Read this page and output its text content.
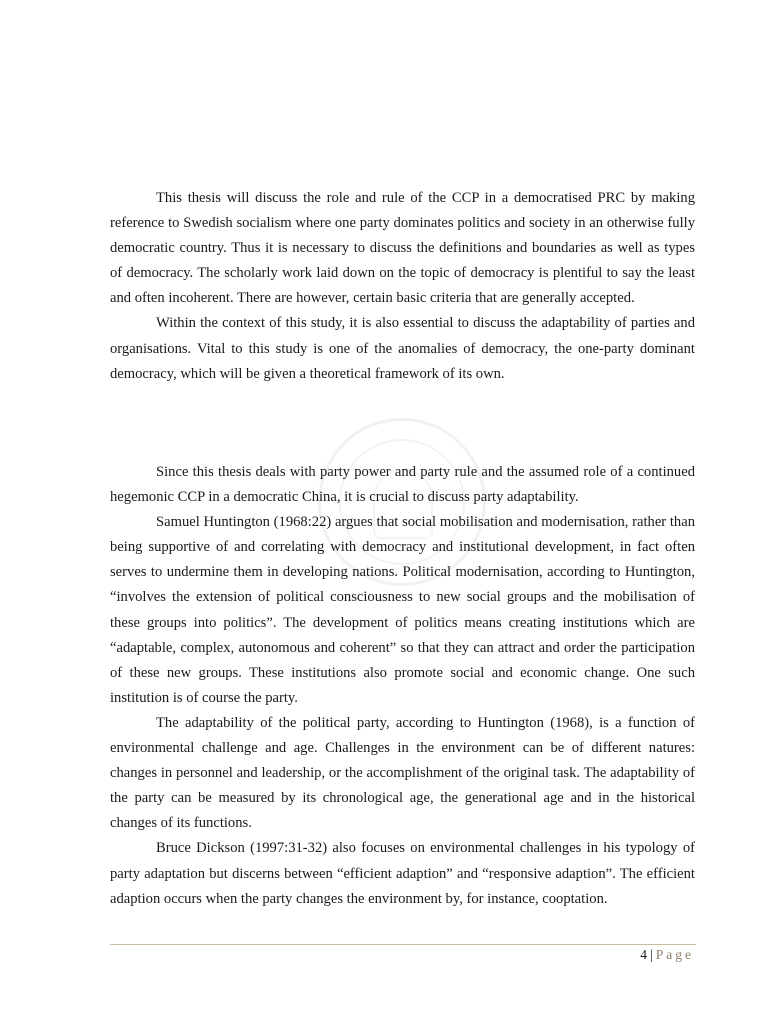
This thesis will discuss the role and rule of the CCP in a democratised PRC by making reference to Swedish socialism where one party dominates politics and society in an otherwise fully democratic country. Thus it is necessary to discuss the definitions and boundaries as well as types of democracy. The scholarly work laid down on the topic of democracy is plentiful to say the least and often incoherent. There are however, certain basic criteria that are generally accepted.

Within the context of this study, it is also essential to discuss the adaptability of parties and organisations. Vital to this study is one of the anomalies of democracy, the one-party dominant democracy, which will be given a theoretical framework of its own.

Since this thesis deals with party power and party rule and the assumed role of a continued hegemonic CCP in a democratic China, it is crucial to discuss party adaptability.

Samuel Huntington (1968:22) argues that social mobilisation and modernisation, rather than being supportive of and correlating with democracy and institutional development, in fact often serves to undermine them in developing nations. Political modernisation, according to Huntington, “involves the extension of political consciousness to new social groups and the mobilisation of these groups into politics”. The development of politics means creating institutions which are “adaptable, complex, autonomous and coherent” so that they can attract and order the participation of these new groups. These institutions also promote social and economic change. One such institution is of course the party.

The adaptability of the political party, according to Huntington (1968), is a function of environmental challenge and age. Challenges in the environment can be of different natures: changes in personnel and leadership, or the accomplishment of the original task. The adaptability of the party can be measured by its chronological age, the generational age and in the historical changes of its functions.

Bruce Dickson (1997:31-32) also focuses on environmental challenges in his typology of party adaptation but discerns between “efficient adaption” and “responsive adaption”. The efficient adaption occurs when the party changes the environment by, for instance, cooptation.

4 | Page
